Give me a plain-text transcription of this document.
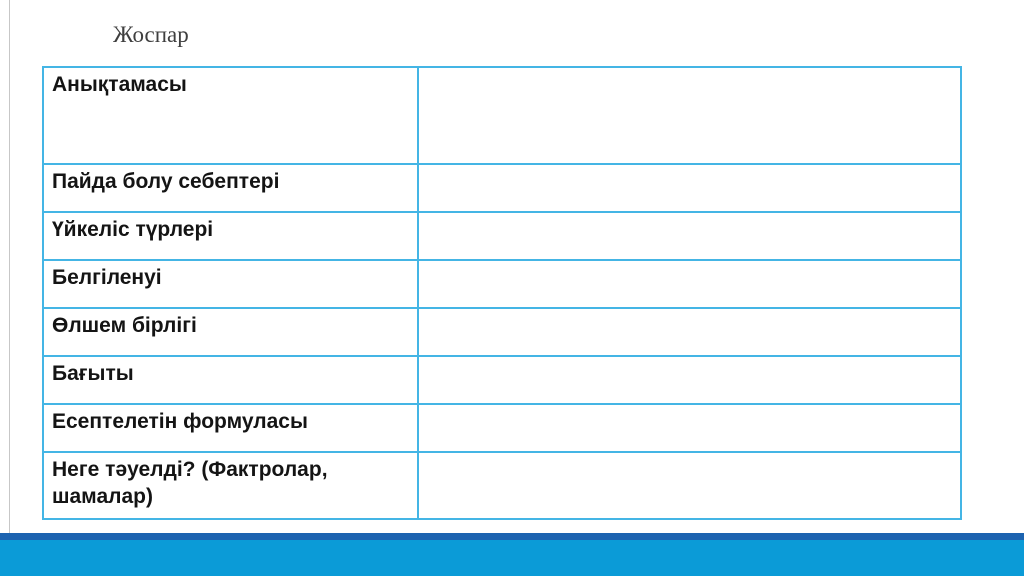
Жоспар
Анықтамасы	
Пайда болу себептері	
Үйкеліс түрлері	
Белгіленуі	
Өлшем бірлігі	
Бағыты	
Есептелетін формуласы	
Неге тәуелді? (Фактролар, шамалар)	
